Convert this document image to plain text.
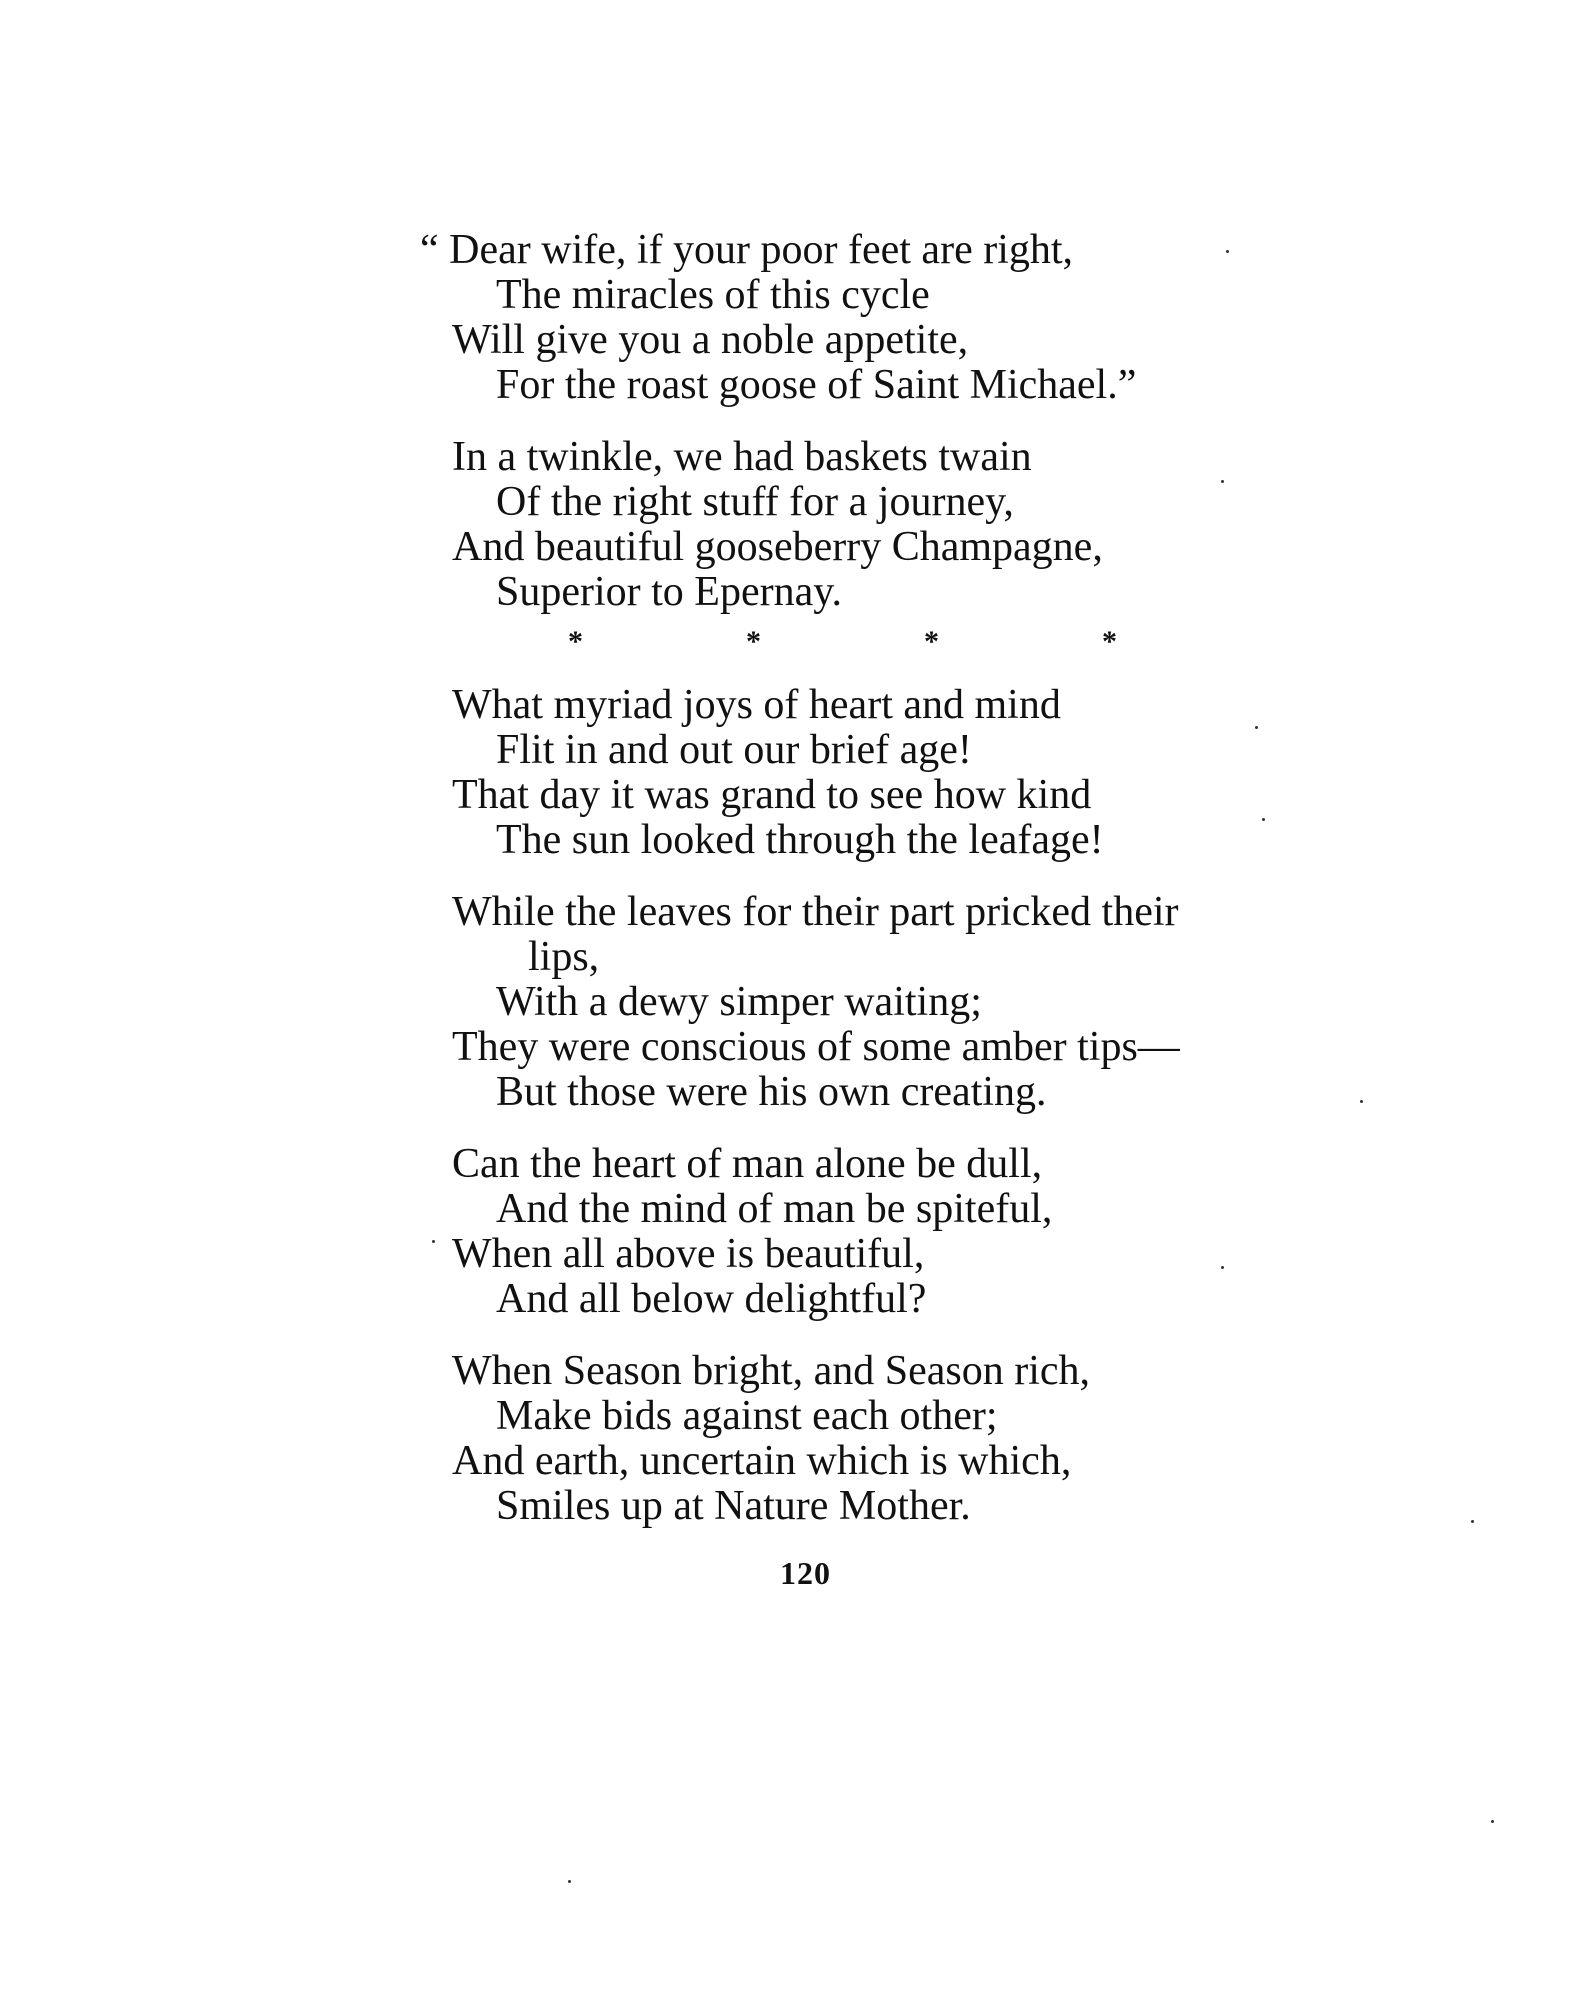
“ Dear wife, if your poor feet are right,
The miracles of this cycle
Will give you a noble appetite,
For the roast goose of Saint Michael.”
In a twinkle, we had baskets twain
Of the right stuff for a journey,
And beautiful gooseberry Champagne,
Superior to Epernay.
*	*	*	*
What myriad joys of heart and mind
Flit in and out our brief age!
That day it was grand to see how kind
The sun looked through the leafage!
While the leaves for their part pricked their
lips,
With a dewy simper waiting;
They were conscious of some amber tips—
But those were his own creating.
Can the heart of man alone be dull,
And the mind of man be spiteful,
When all above is beautiful,
And all below delightful?
When Season bright, and Season rich,
Make bids against each other;
And earth, uncertain which is which,
Smiles up at Nature Mother.
120
